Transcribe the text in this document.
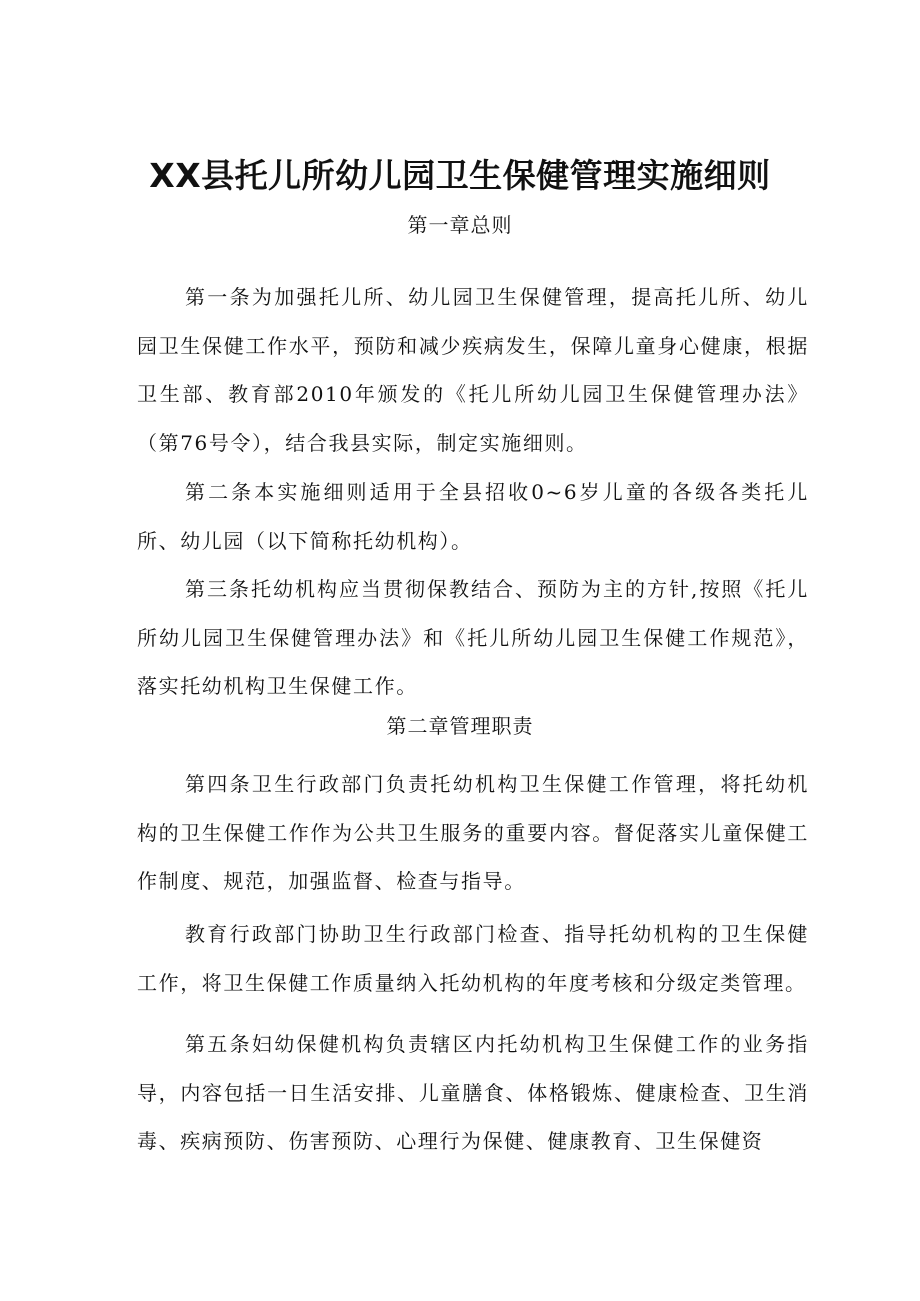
XX县托儿所幼儿园卫生保健管理实施细则
第一章总则

第一条为加强托儿所、幼儿园卫生保健管理，提高托儿所、幼儿园卫生保健工作水平，预防和减少疾病发生，保障儿童身心健康，根据卫生部、教育部2010年颁发的《托儿所幼儿园卫生保健管理办法》（第76号令），结合我县实际，制定实施细则。

第二条本实施细则适用于全县招收0~6岁儿童的各级各类托儿所、幼儿园（以下简称托幼机构）。

第三条托幼机构应当贯彻保教结合、预防为主的方针,按照《托儿所幼儿园卫生保健管理办法》和《托儿所幼儿园卫生保健工作规范》，落实托幼机构卫生保健工作。

第二章管理职责

第四条卫生行政部门负责托幼机构卫生保健工作管理，将托幼机构的卫生保健工作作为公共卫生服务的重要内容。督促落实儿童保健工作制度、规范，加强监督、检查与指导。

教育行政部门协助卫生行政部门检查、指导托幼机构的卫生保健工作，将卫生保健工作质量纳入托幼机构的年度考核和分级定类管理。

第五条妇幼保健机构负责辖区内托幼机构卫生保健工作的业务指导，内容包括一日生活安排、儿童膳食、体格锻炼、健康检查、卫生消毒、疾病预防、伤害预防、心理行为保健、健康教育、卫生保健资
